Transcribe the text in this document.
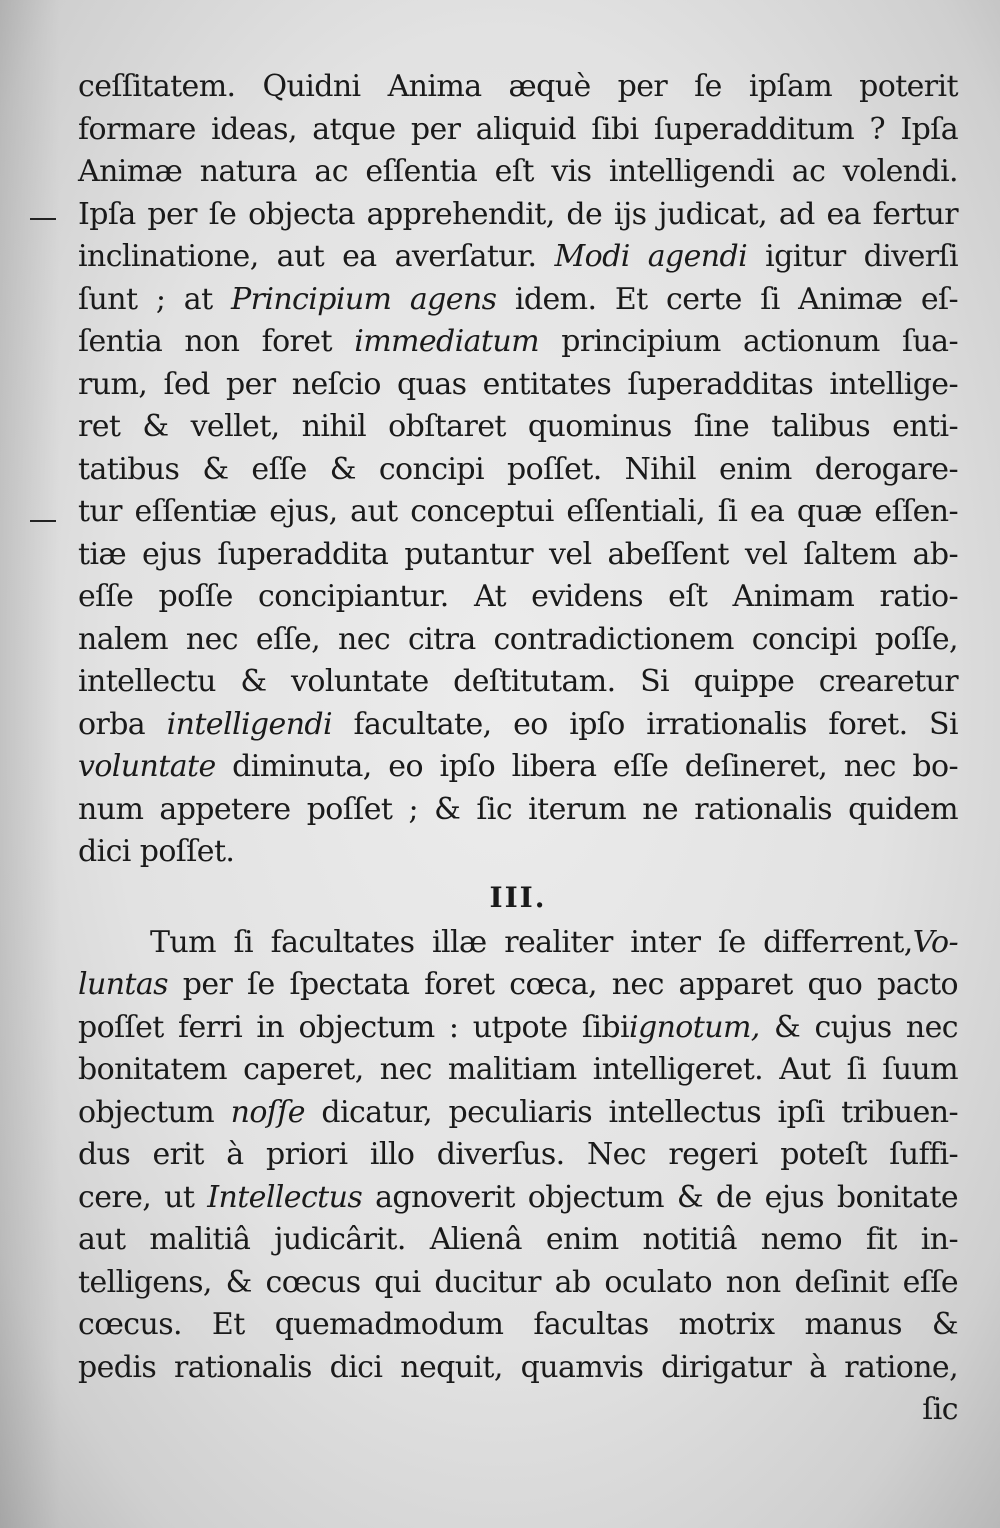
ceſſitatem. Quidni Anima æquè per ſe ipſam poterit
formare ideas, atque per aliquid ſibi ſuperadditum ? Ipſa
Animæ natura ac eſſentia eſt vis intelligendi ac volendi.
Ipſa per ſe objecta apprehendit, de ijs judicat, ad ea fertur
inclinatione, aut ea averſatur. Modi agendi igitur diverſi
ſunt ; at Principium agens idem. Et certe ſi Animæ eſ-
ſentia non foret immediatum principium actionum ſua-
rum, ſed per neſcio quas entitates ſuperadditas intellige-
ret & vellet, nihil obſtaret quominus ſine talibus enti-
tatibus & eſſe & concipi poſſet. Nihil enim derogare-
tur eſſentiæ ejus, aut conceptui eſſentiali, ſi ea quæ eſſen-
tiæ ejus ſuperaddita putantur vel abeſſent vel ſaltem ab-
eſſe poſſe concipiantur. At evidens eſt Animam ratio-
nalem nec eſſe, nec citra contradictionem concipi poſſe,
intellectu & voluntate deſtitutam. Si quippe crearetur
orba intelligendi facultate, eo ipſo irrationalis foret. Si
voluntate diminuta, eo ipſo libera eſſe deſineret, nec bo-
num appetere poſſet ; & ſic iterum ne rationalis quidem
dici poſſet.
III.
Tum ſi facultates illæ realiter inter ſe differrent,Vo-
luntas per ſe ſpectata foret cœca, nec apparet quo pacto
poſſet ferri in objectum : utpote ſibiignotum, & cujus nec
bonitatem caperet, nec malitiam intelligeret. Aut ſi ſuum
objectum noſſe dicatur, peculiaris intellectus ipſi tribuen-
dus erit à priori illo diverſus. Nec regeri poteſt ſuffi-
cere, ut Intellectus agnoverit objectum & de ejus bonitate
aut malitiâ judicârit. Alienâ enim notitiâ nemo fit in-
telligens, & cœcus qui ducitur ab oculato non deſinit eſſe
cœcus. Et quemadmodum facultas motrix manus &
pedis rationalis dici nequit, quamvis dirigatur à ratione,
ſic
